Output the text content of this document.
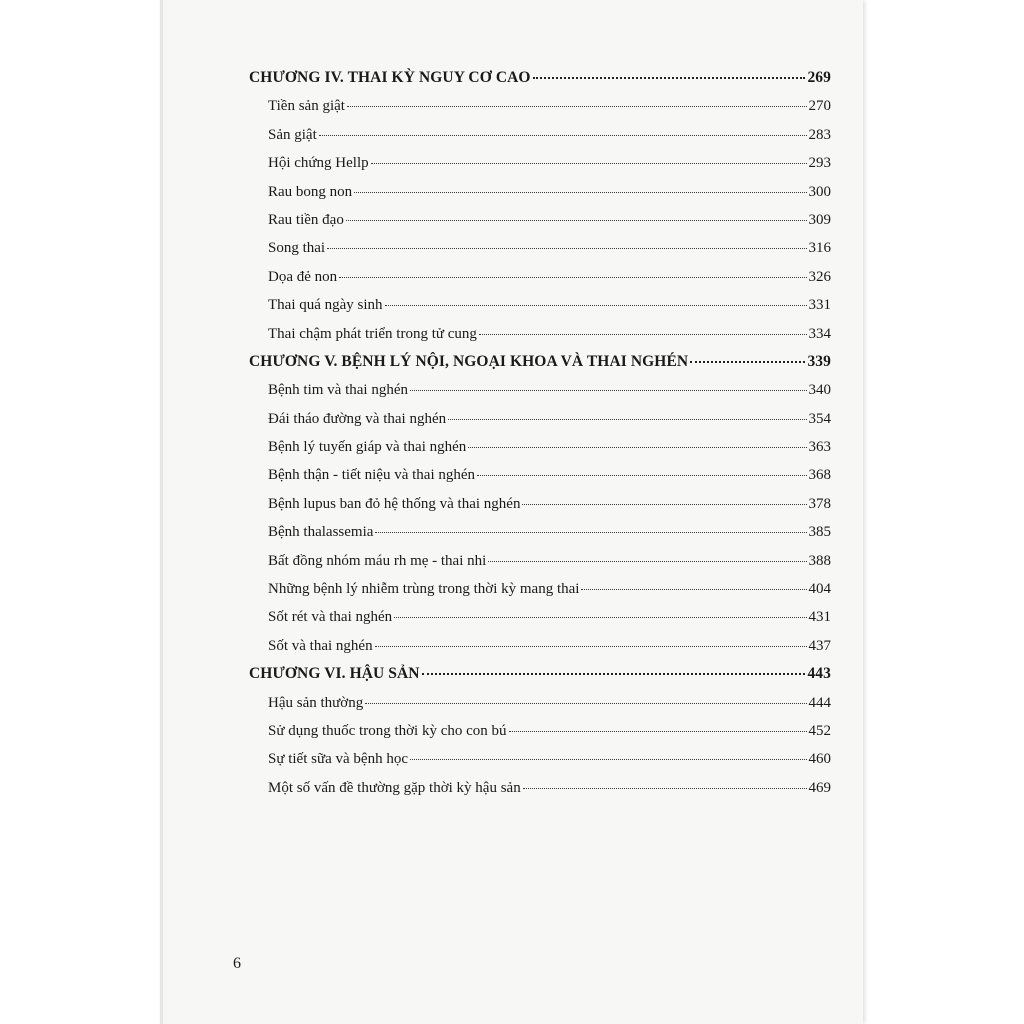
CHƯƠNG IV. THAI KỲ NGUY CƠ CAO	269
Tiền sản giật	270
Sản giật	283
Hội chứng Hellp	293
Rau bong non	300
Rau tiền đạo	309
Song thai	316
Dọa đẻ non	326
Thai quá ngày sinh	331
Thai chậm phát triển trong tử cung	334
CHƯƠNG V. BỆNH LÝ NỘI, NGOẠI KHOA VÀ THAI NGHÉN	339
Bệnh tim và thai nghén	340
Đái tháo đường và thai nghén	354
Bệnh lý tuyến giáp và thai nghén	363
Bệnh thận - tiết niệu và thai nghén	368
Bệnh lupus ban đỏ hệ thống và thai nghén	378
Bệnh thalassemia	385
Bất đồng nhóm máu rh mẹ - thai nhi	388
Những bệnh lý nhiễm trùng trong thời kỳ mang thai	404
Sốt rét và thai nghén	431
Sốt và thai nghén	437
CHƯƠNG VI. HẬU SẢN	443
Hậu sản thường	444
Sử dụng thuốc trong thời kỳ cho con bú	452
Sự tiết sữa và bệnh học	460
Một số vấn đề thường gặp thời kỳ hậu sản	469
6
